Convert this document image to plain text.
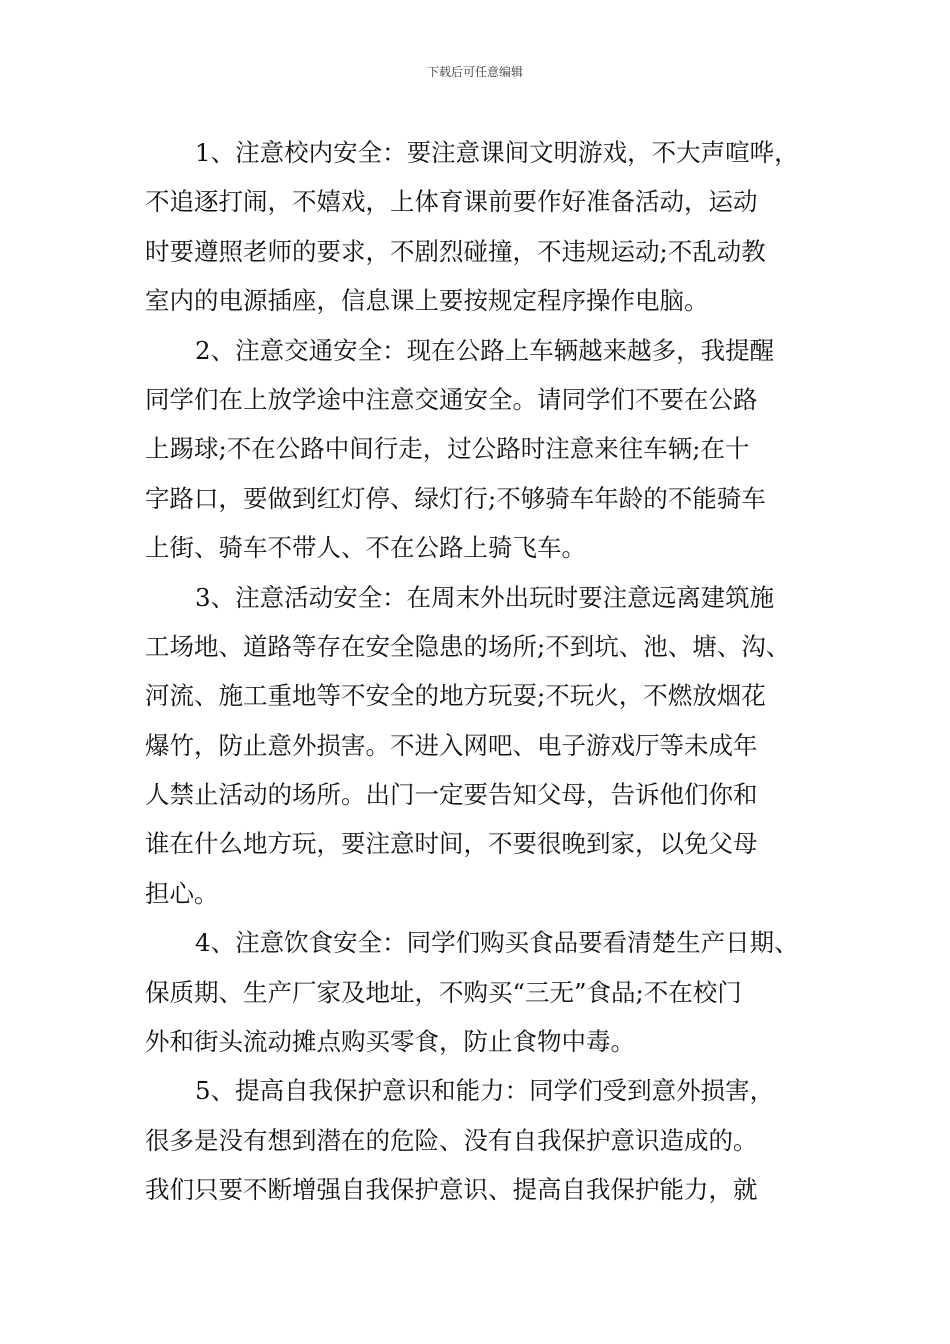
下载后可任意编辑
1、注意校内安全：要注意课间文明游戏，不大声喧哗，
不追逐打闹，不嬉戏，上体育课前要作好准备活动，运动
时要遵照老师的要求，不剧烈碰撞，不违规运动;不乱动教
室内的电源插座，信息课上要按规定程序操作电脑。
2、注意交通安全：现在公路上车辆越来越多，我提醒
同学们在上放学途中注意交通安全。请同学们不要在公路
上踢球;不在公路中间行走，过公路时注意来往车辆;在十
字路口，要做到红灯停、绿灯行;不够骑车年龄的不能骑车
上街、骑车不带人、不在公路上骑飞车。
3、注意活动安全：在周末外出玩时要注意远离建筑施
工场地、道路等存在安全隐患的场所;不到坑、池、塘、沟、
河流、施工重地等不安全的地方玩耍;不玩火，不燃放烟花
爆竹，防止意外损害。不进入网吧、电子游戏厅等未成年
人禁止活动的场所。出门一定要告知父母，告诉他们你和
谁在什么地方玩，要注意时间，不要很晚到家，以免父母
担心。
4、注意饮食安全：同学们购买食品要看清楚生产日期、
保质期、生产厂家及地址，不购买“三无”食品;不在校门
外和街头流动摊点购买零食，防止食物中毒。
5、提高自我保护意识和能力：同学们受到意外损害，
很多是没有想到潜在的危险、没有自我保护意识造成的。
我们只要不断增强自我保护意识、提高自我保护能力，就
